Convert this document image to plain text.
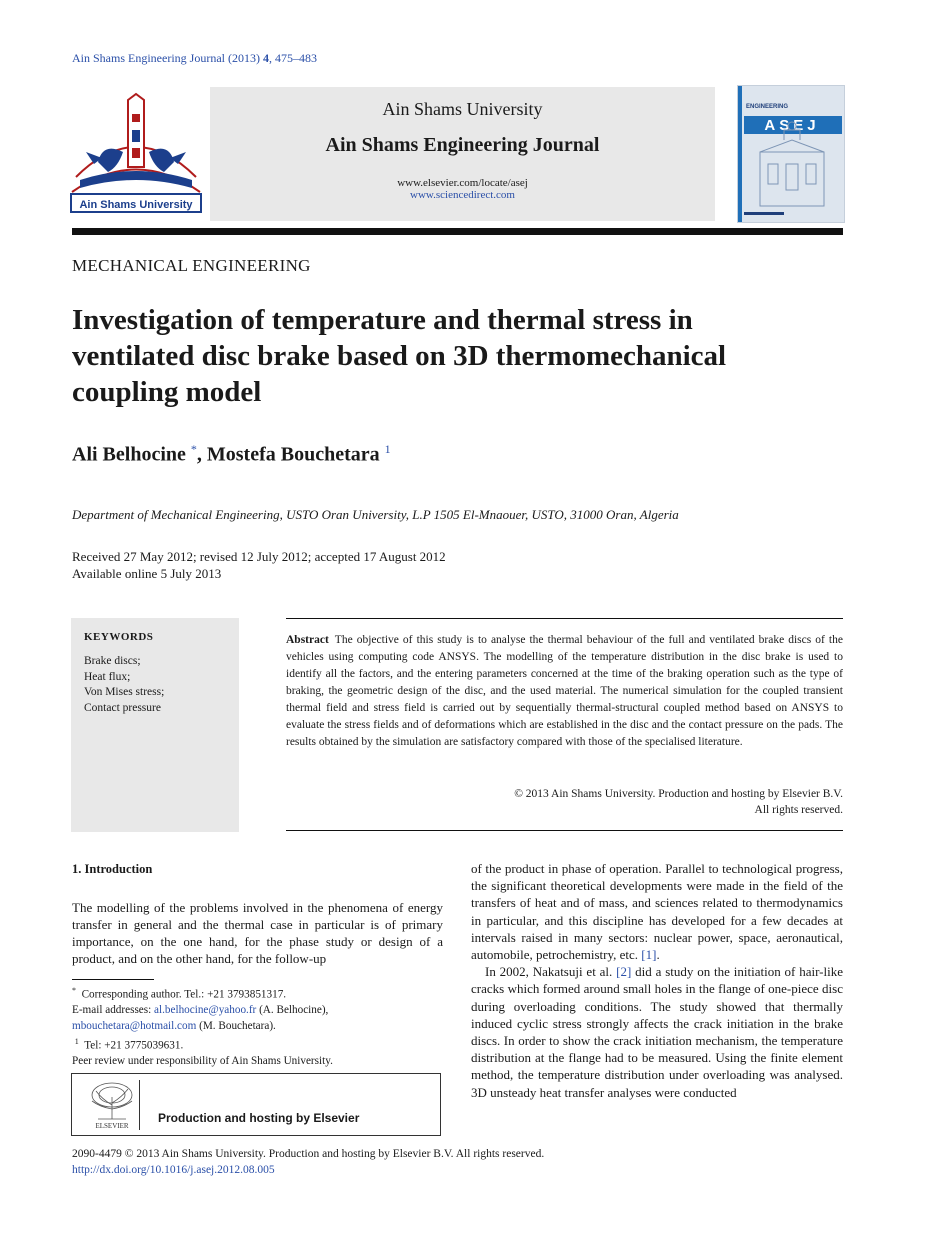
Ain Shams Engineering Journal (2013) 4, 475–483
Ain Shams University
Ain Shams University
Ain Shams Engineering Journal
www.elsevier.com/locate/asej
www.sciencedirect.com
ENGINEERING
ASEJ
MECHANICAL ENGINEERING
Investigation of temperature and thermal stress in ventilated disc brake based on 3D thermomechanical coupling model
Ali Belhocine *, Mostefa Bouchetara $^1$
Department of Mechanical Engineering, USTO Oran University, L.P 1505 El-Mnaouer, USTO, 31000 Oran, Algeria
Received 27 May 2012; revised 12 July 2012; accepted 17 August 2012
Available online 5 July 2013
KEYWORDS
Brake discs;
Heat flux;
Von Mises stress;
Contact pressure
Abstract The objective of this study is to analyse the thermal behaviour of the full and ventilated brake discs of the vehicles using computing code ANSYS. The modelling of the temperature distribution in the disc brake is used to identify all the factors, and the entering parameters concerned at the time of the braking operation such as the type of braking, the geometric design of the disc, and the used material. The numerical simulation for the coupled transient thermal field and stress field is carried out by sequentially thermal-structural coupled method based on ANSYS to evaluate the stress fields and of deformations which are established in the disc and the contact pressure on the pads. The results obtained by the simulation are satisfactory compared with those of the specialised literature.
© 2013 Ain Shams University. Production and hosting by Elsevier B.V.
All rights reserved.
1. Introduction
The modelling of the problems involved in the phenomena of energy transfer in general and the thermal case in particular is of primary importance, on the one hand, for the phase study or design of a product, and on the other hand, for the follow-up
* Corresponding author. Tel.: +21 3793851317.
E-mail addresses: al.belhocine@yahoo.fr (A. Belhocine), mbouchetara@hotmail.com (M. Bouchetara).
$^1$ Tel: +21 3775039631.
Peer review under responsibility of Ain Shams University.
ELSEVIER
Production and hosting by Elsevier

of the product in phase of operation. Parallel to technological progress, the significant theoretical developments were made in the field of the transfers of heat and of mass, and sciences related to thermodynamics in particular, and this discipline has developed for a few decades at intervals raised in many sectors: nuclear power, space, aeronautical, automobile, petrochemistry, etc. [1].

In 2002, Nakatsuji et al. [2] did a study on the initiation of hair-like cracks which formed around small holes in the flange of one-piece disc during overloading conditions. The study showed that thermally induced cyclic stress strongly affects the crack initiation in the brake discs. In order to show the crack initiation mechanism, the temperature distribution at the flange had to be measured. Using the finite element method, the temperature distribution under overloading was analysed. 3D unsteady heat transfer analyses were conducted

2090-4479 © 2013 Ain Shams University. Production and hosting by Elsevier B.V. All rights reserved.
http://dx.doi.org/10.1016/j.asej.2012.08.005
